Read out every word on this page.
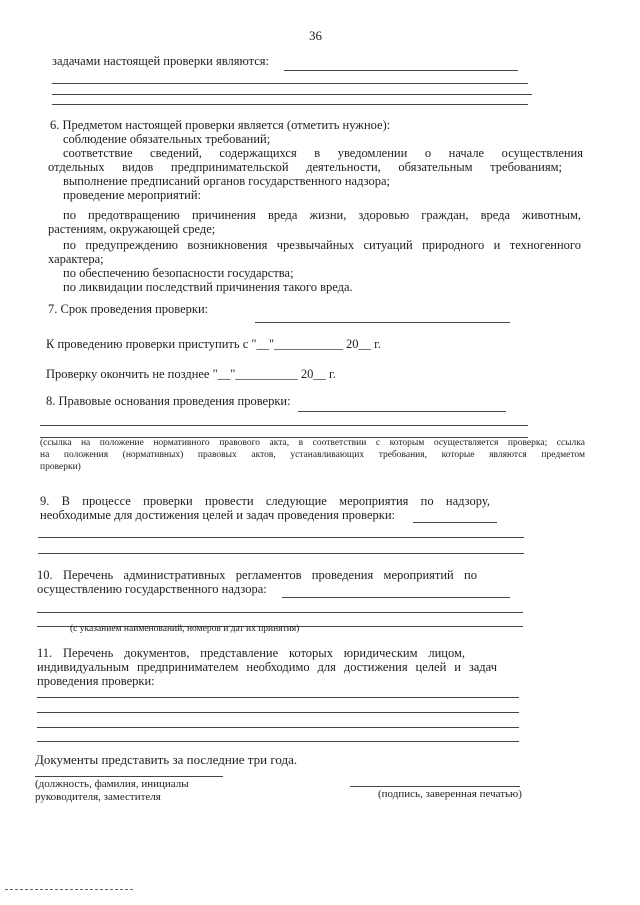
36
задачами настоящей проверки являются:
6. Предметом настоящей проверки является (отметить нужное):
соблюдение обязательных требований;
соответствие сведений, содержащихся в уведомлении о начале осуществления
отдельных видов предпринимательской деятельности, обязательным требованиям;
выполнение предписаний органов государственного надзора;
проведение мероприятий:
по предотвращению причинения вреда жизни, здоровью граждан, вреда животным,
растениям, окружающей среде;
по предупреждению возникновения чрезвычайных ситуаций природного и техногенного
характера;
по обеспечению безопасности государства;
по ликвидации последствий причинения такого вреда.
7. Срок проведения проверки:
К проведению проверки приступить с "__"___________ 20__ г.
Проверку окончить не позднее "__"__________ 20__ г.
8. Правовые основания проведения проверки:
(ссылка на положение нормативного правового акта, в соответствии с которым осуществляется проверка; ссылка
на положения (нормативных) правовых актов, устанавливающих требования, которые являются предметом
проверки)
9. В процессе проверки провести следующие мероприятия по надзору,
необходимые для достижения целей и задач проведения проверки:
10. Перечень административных регламентов проведения мероприятий по
осуществлению государственного надзора:
(с указанием наименований, номеров и дат их принятия)
11. Перечень документов, представление которых юридическим лицом,
индивидуальным предпринимателем необходимо для достижения целей и задач
проведения проверки:
Документы представить за последние три года.
(должность, фамилия, инициалы
руководителя, заместителя	(подпись, заверенная печатью)
